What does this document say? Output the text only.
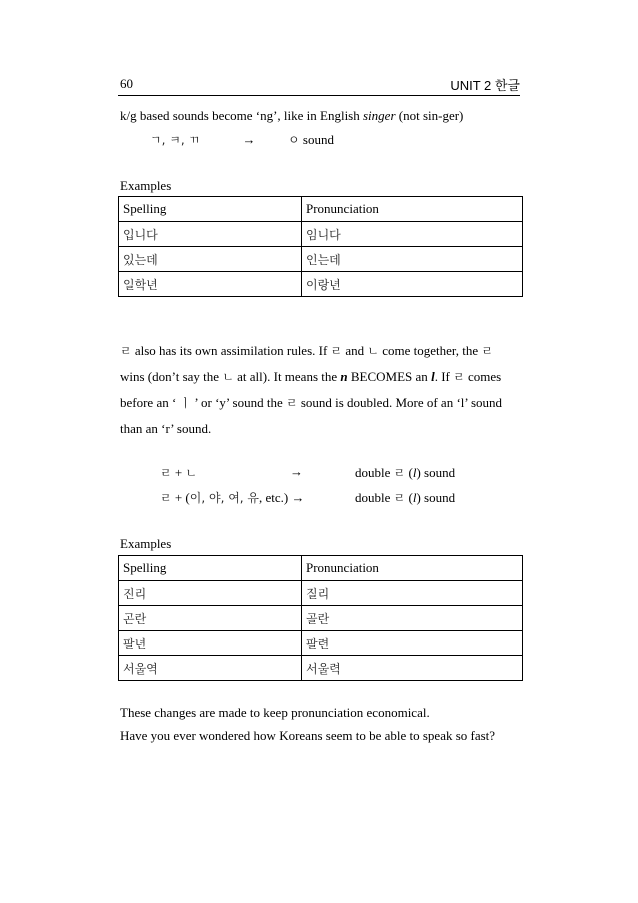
60	UNIT 2 한글
k/g based sounds become ‘ng’, like in English singer (not sin-ger)
ㄱ, ㅋ, ㄲ	→	ㅇ sound
Examples
Spelling	Pronunciation
입니다	임니다
있는데	인는데
일학년	이랑년
ㄹ also has its own assimilation rules. If ㄹ and ㄴ come together, the ㄹ
wins (don’t say the ㄴ at all). It means the n BECOMES an l. If ㄹ comes
before an ‘ ㅣ ’ or ‘y’ sound the ㄹ sound is doubled. More of an ‘l’ sound
than an ‘r’ sound.
ㄹ + ㄴ	→	double ㄹ (l) sound
ㄹ + (이, 야, 여, 유, etc.) →	double ㄹ (l) sound
Examples
Spelling	Pronunciation
진리	질리
곤란	골란
팔년	팔련
서울역	서울력
These changes are made to keep pronunciation economical.
Have you ever wondered how Koreans seem to be able to speak so fast?
